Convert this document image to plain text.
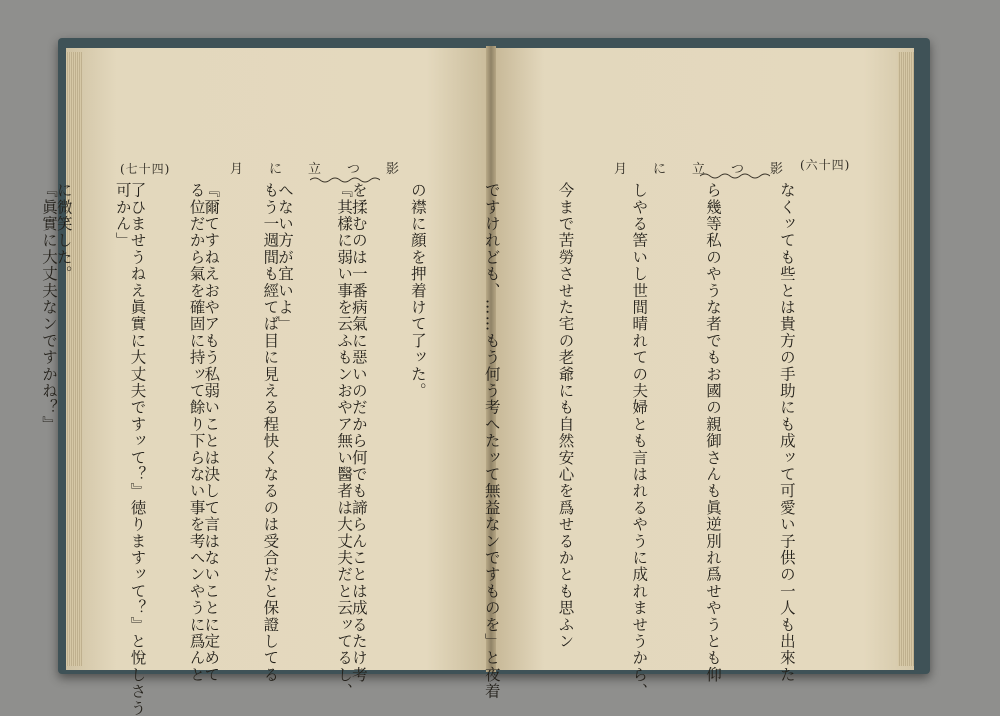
(七十四)	月に立つ影	月に立つ影
(六十四)

を揉むのは一番病氣に惡いのだから何でも諦らんことは成るたけ考

へない方が宜いよ」

『爾てすねえおやアもう私弱いことは決して言はないことに定めて

了ひませうねえ眞實に大丈夫ですッて？』徳りますッて？』と悅しさう

に微笑した。

	なくッても些とは貴方の手助にも成ッて可愛い子供の一人も出來た

ら幾等私のやうな者でもお國の親御さんも眞逆別れ爲せやうとも仰

しやる筈いし世間晴れての夫婦とも言はれるやうに成れませうから、

今まで苦勞させた宅の老爺にも自然安心を爲せるかとも思ふン

ですけれども、……もう何う考へたッて無益なンですものを」と夜着

の襟に顔を押着けて了ッた。

『其樣に弱い事を云ふもンおやア無い醫者は大丈夫だと云ッてるし、

もう一週間も經てば目に見える程快くなるのは受合だと保證してる

る位だから氣を確固に持ッて餘り下らない事を考へンやうに爲んと

可かん」

『眞實に大丈夫なンですかね？』
